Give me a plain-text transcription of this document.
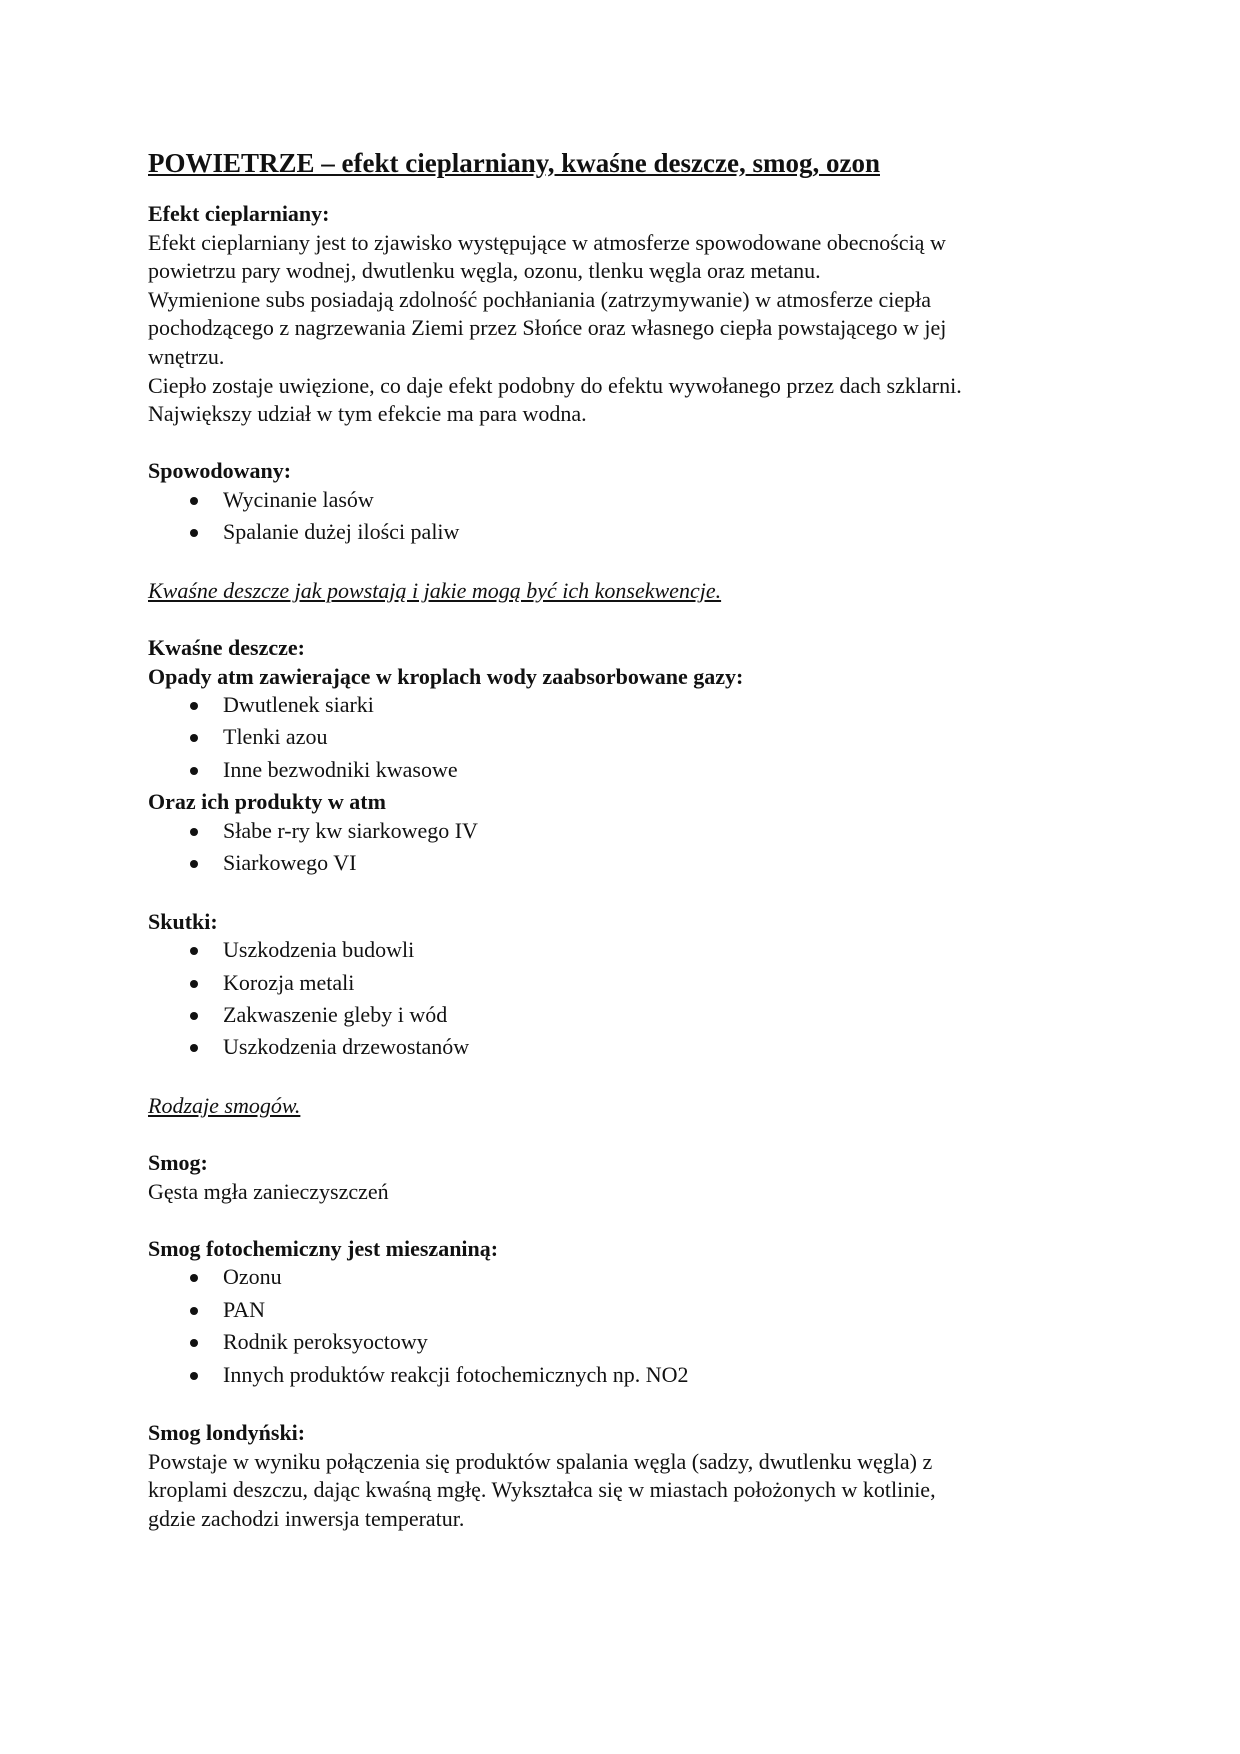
POWIETRZE – efekt cieplarniany, kwaśne deszcze, smog, ozon

Efekt cieplarniany:

Efekt cieplarniany jest to zjawisko występujące w atmosferze spowodowane obecnością w

powietrzu pary wodnej, dwutlenku węgla, ozonu, tlenku węgla oraz metanu.

Wymienione subs posiadają zdolność pochłaniania (zatrzymywanie) w atmosferze ciepła

pochodzącego z nagrzewania Ziemi przez Słońce oraz własnego ciepła powstającego w jej

wnętrzu.

Ciepło zostaje uwięzione, co daje efekt podobny do efektu wywołanego przez dach szklarni.

Największy udział w tym efekcie ma para wodna.

Spowodowany:

Wycinanie lasów
Spalanie dużej ilości paliw

Kwaśne deszcze jak powstają i jakie mogą być ich konsekwencje.

Kwaśne deszcze:

Opady atm zawierające w kroplach wody zaabsorbowane gazy:

Dwutlenek siarki
Tlenki azou
Inne bezwodniki kwasowe

Oraz ich produkty w atm

Słabe r-ry kw siarkowego IV
Siarkowego VI

Skutki:

Uszkodzenia budowli
Korozja metali
Zakwaszenie gleby i wód
Uszkodzenia drzewostanów

Rodzaje smogów.

Smog:

Gęsta mgła zanieczyszczeń

Smog fotochemiczny jest mieszaniną:

Ozonu
PAN
Rodnik peroksyoctowy
Innych produktów reakcji fotochemicznych np. NO2

Smog londyński:

Powstaje w wyniku połączenia się produktów spalania węgla (sadzy, dwutlenku węgla) z

kroplami deszczu, dając kwaśną mgłę. Wykształca się w miastach położonych w kotlinie,

gdzie zachodzi inwersja temperatur.
